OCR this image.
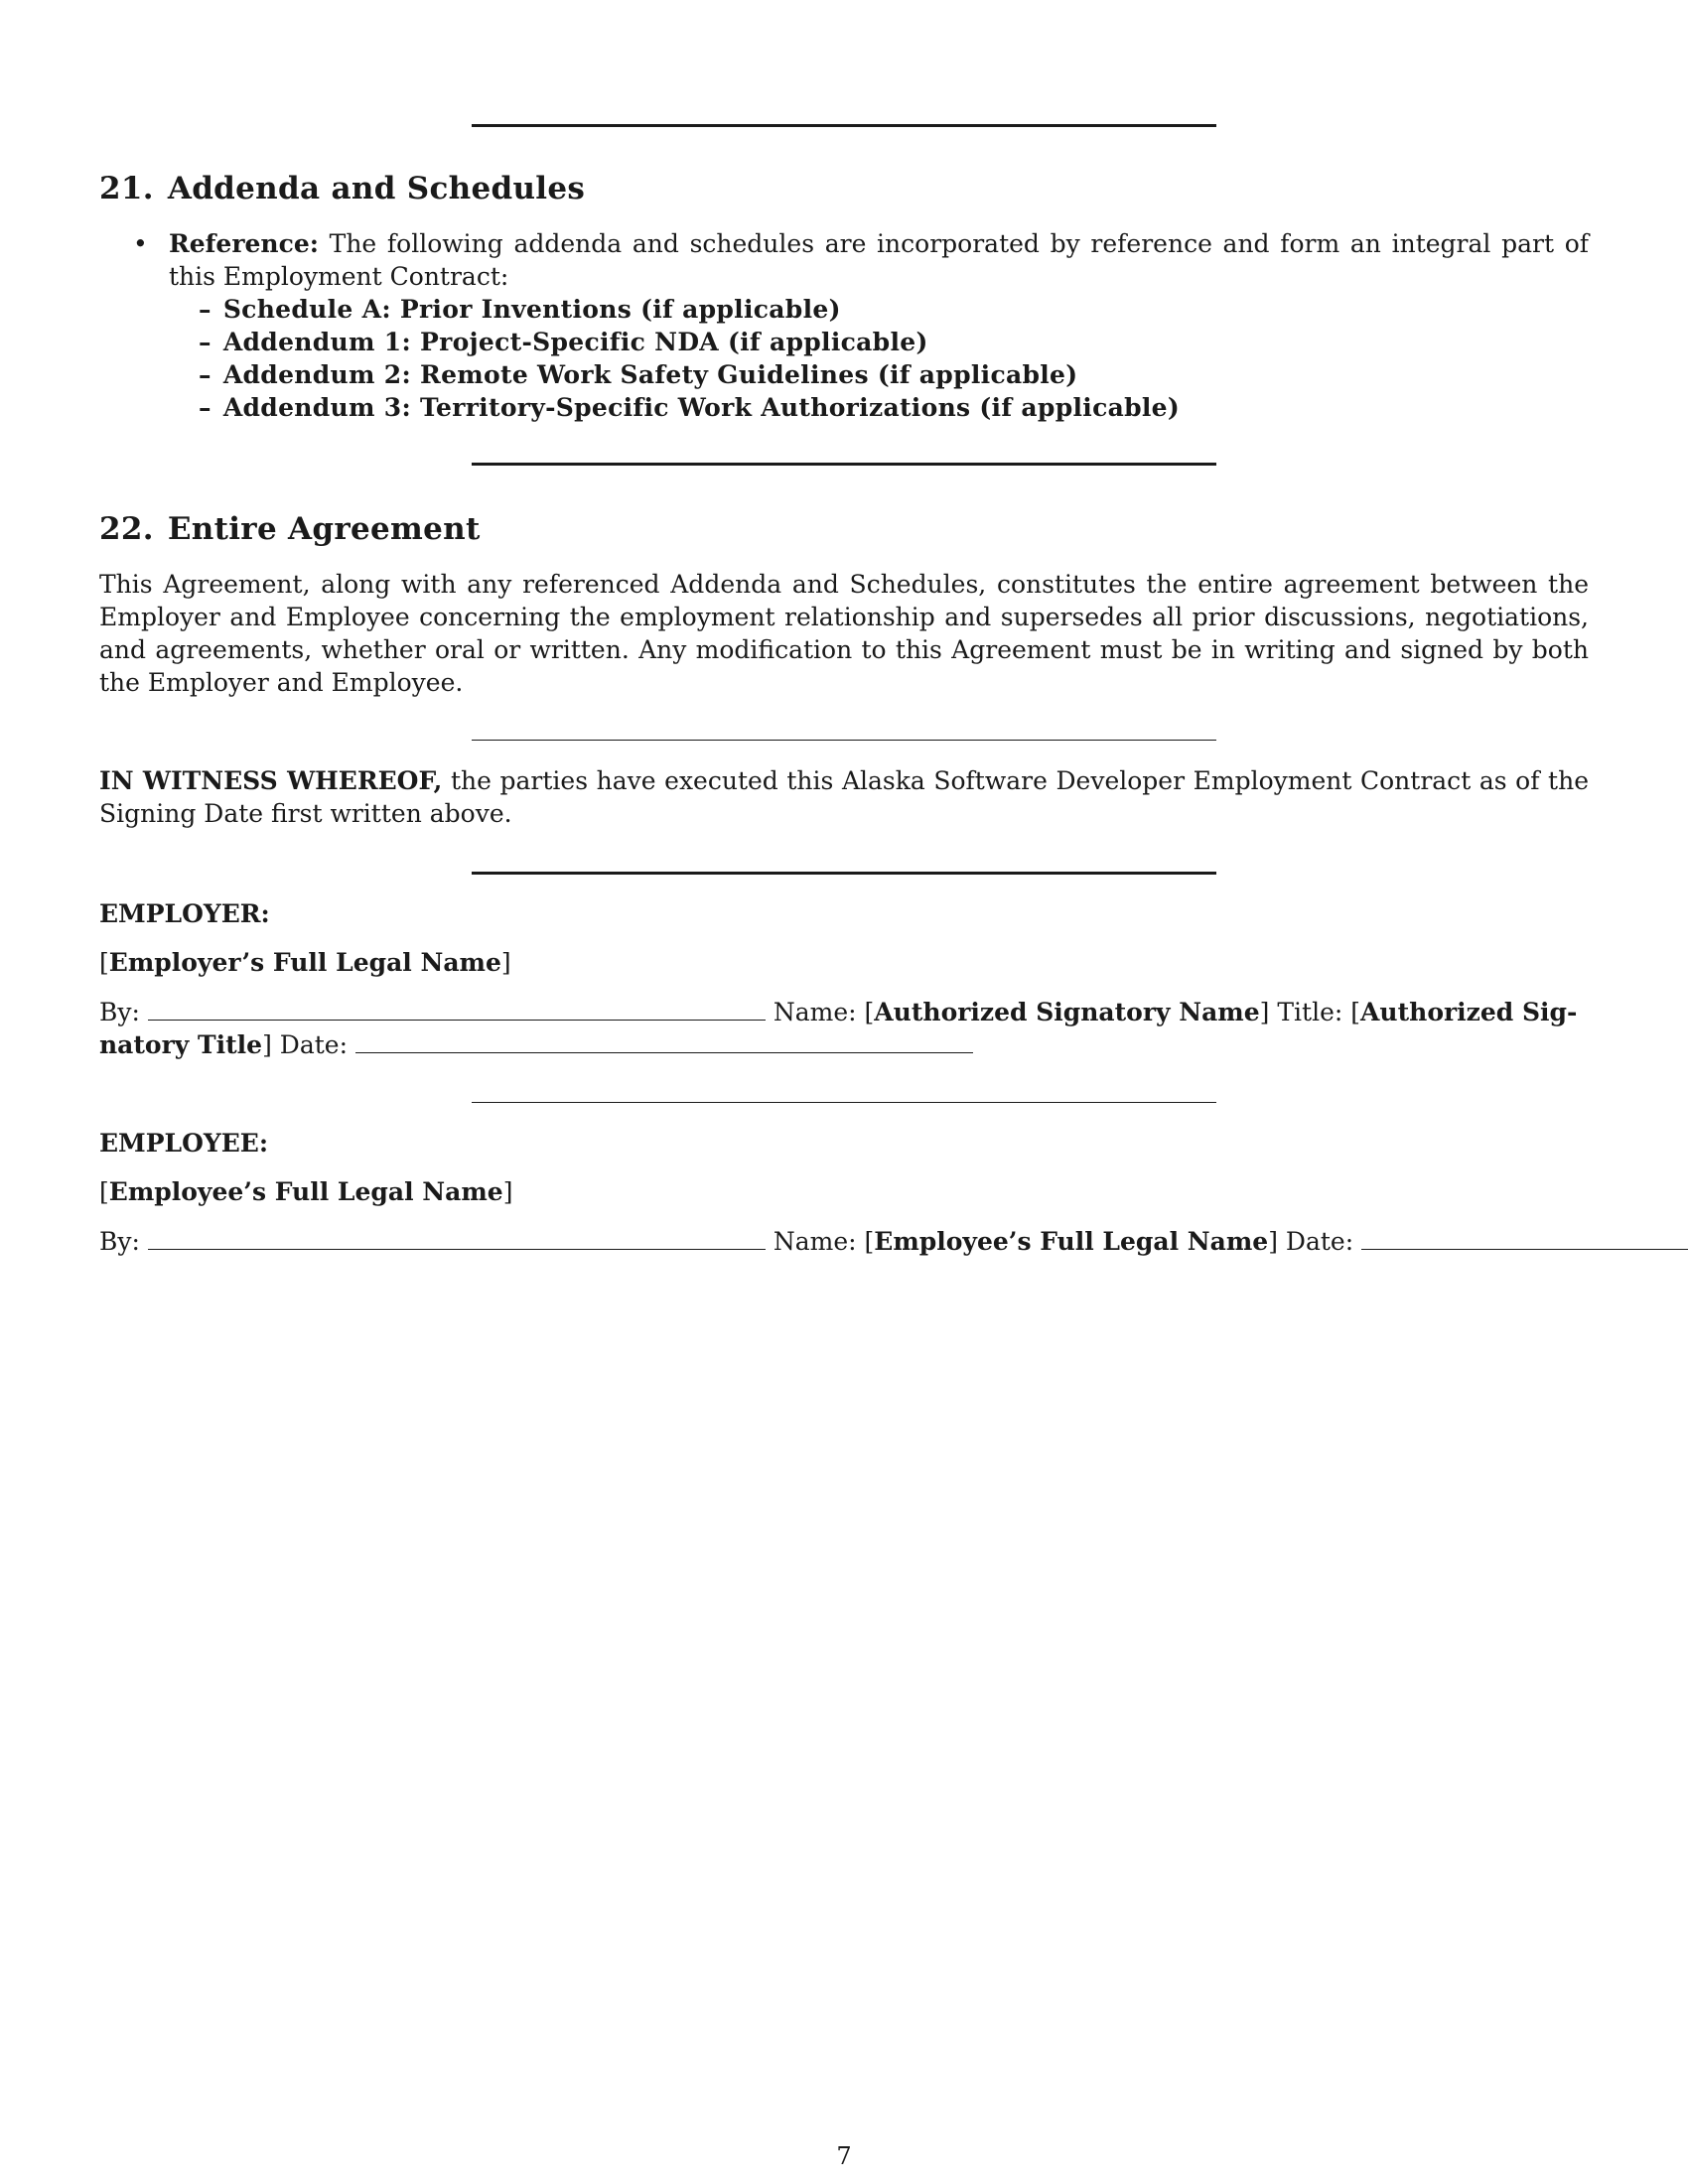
21. Addenda and Schedules
• Reference: The following addenda and schedules are incorporated by reference and form an integral part of this Employment Contract:
– Schedule A: Prior Inventions (if applicable)
– Addendum 1: Project-Specific NDA (if applicable)
– Addendum 2: Remote Work Safety Guidelines (if applicable)
– Addendum 3: Territory-Specific Work Authorizations (if applicable)
22. Entire Agreement

This Agreement, along with any referenced Addenda and Schedules, constitutes the entire agreement between the Employer and Employee concerning the employment relationship and supersedes all prior discussions, negotiations, and agreements, whether oral or written. Any modification to this Agreement must be in writing and signed by both the Employer and Employee.

IN WITNESS WHEREOF, the parties have executed this Alaska Software Developer Employment Contract as of the Signing Date first written above.

EMPLOYER:
[Employer’s Full Legal Name]
By:	Name: [Authorized Signatory Name] Title: [Authorized Sig-
natory Title] Date:
EMPLOYEE:
[Employee’s Full Legal Name]
By:	Name: [Employee’s Full Legal Name] Date:
7
